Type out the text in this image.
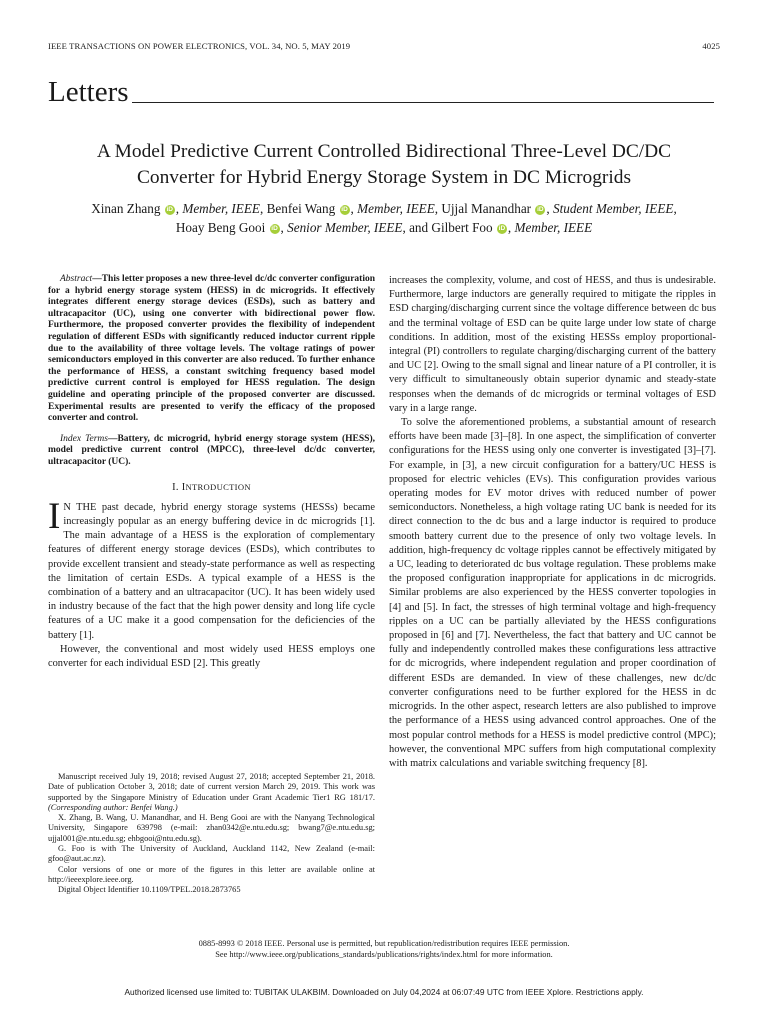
IEEE TRANSACTIONS ON POWER ELECTRONICS, VOL. 34, NO. 5, MAY 2019	4025
Letters
A Model Predictive Current Controlled Bidirectional Three-Level DC/DC Converter for Hybrid Energy Storage System in DC Microgrids
Xinan Zhang iD , Member, IEEE, Benfei Wang iD , Member, IEEE, Ujjal Manandhar iD , Student Member, IEEE,
Hoay Beng Gooi iD , Senior Member, IEEE, and Gilbert Foo iD , Member, IEEE

Abstract—This letter proposes a new three-level dc/dc converter configuration for a hybrid energy storage system (HESS) in dc microgrids. It effectively integrates different energy storage devices (ESDs), such as battery and ultracapacitor (UC), using one converter with bidirectional power flow. Furthermore, the proposed converter provides the flexibility of independent regulation of different ESDs with significantly reduced inductor current ripple due to the availability of three voltage levels. The voltage ratings of power semiconductors employed in this converter are also reduced. To further enhance the performance of HESS, a constant switching frequency based model predictive current control is employed for HESS regulation. The design guideline and operating principle of the proposed converter are discussed. Experimental results are presented to verify the efficacy of the proposed converter and control.

Index Terms—Battery, dc microgrid, hybrid energy storage system (HESS), model predictive current control (MPCC), three-level dc/dc converter, ultracapacitor (UC).

I. INTRODUCTION

IN THE past decade, hybrid energy storage systems (HESSs) became increasingly popular as an energy buffering device in dc microgrids [1]. The main advantage of a HESS is the exploration of complementary features of different energy storage devices (ESDs), which contributes to provide excellent transient and steady-state performance as well as respecting the limitation of certain ESDs. A typical example of a HESS is the combination of a battery and an ultracapacitor (UC). It has been widely used in industry because of the fact that the high power density and long life cycle features of a UC make it a good compensation for the deficiencies of the battery [1].

However, the conventional and most widely used HESS employs one converter for each individual ESD [2]. This greatly

increases the complexity, volume, and cost of HESS, and thus is undesirable. Furthermore, large inductors are generally required to mitigate the ripples in ESD charging/discharging current since the voltage difference between dc bus and the terminal voltage of ESD can be quite large under low state of charge conditions. In addition, most of the existing HESSs employ proportional-integral (PI) controllers to regulate charging/discharging current of the battery and UC [2]. Owing to the small signal and linear nature of a PI controller, it is very difficult to simultaneously obtain superior dynamic and steady-state responses when the demands of dc microgrids or terminal voltages of ESD vary in a large range.

To solve the aforementioned problems, a substantial amount of research efforts have been made [3]–[8]. In one aspect, the simplification of converter configurations for the HESS using only one converter is investigated [3]–[7]. For example, in [3], a new circuit configuration for a battery/UC HESS is proposed for electric vehicles (EVs). This configuration provides various operating modes for EV motor drives with reduced number of power semiconductors. Nonetheless, a high voltage rating UC bank is needed for its direct connection to the dc bus and a large inductor is required to produce smooth battery current due to the presence of only two voltage levels. In addition, high-frequency dc voltage ripples cannot be effectively mitigated by a UC, leading to deteriorated dc bus voltage regulation. These problems make the proposed configuration inappropriate for applications in dc microgrids. Similar problems are also experienced by the HESS converter topologies in [4] and [5]. In fact, the stresses of high terminal voltage and high-frequency ripples on a UC can be partially alleviated by the HESS configurations proposed in [6] and [7]. Nevertheless, the fact that battery and UC cannot be fully and independently controlled makes these configurations less attractive for dc microgrids, where independent regulation and proper coordination of different ESDs are demanded. In view of these challenges, new dc/dc converter configurations need to be further explored for the HESS in dc microgrids. In the other aspect, research letters are also published to improve the performance of a HESS using advanced control approaches. One of the most popular control methods for a HESS is model predictive control (MPC); however, the conventional MPC suffers from high computational complexity with matrix calculations and variable switching frequency [8].

Manuscript received July 19, 2018; revised August 27, 2018; accepted September 21, 2018. Date of publication October 3, 2018; date of current version March 29, 2019. This work was supported by the Singapore Ministry of Education under Grant Academic Tier1 RG 181/17. (Corresponding author: Benfei Wang.)

X. Zhang, B. Wang, U. Manandhar, and H. Beng Gooi are with the Nanyang Technological University, Singapore 639798 (e-mail: zhan0342@e.ntu.edu.sg; bwang7@e.ntu.edu.sg; ujjal001@e.ntu.edu.sg; ehbgooi@ntu.edu.sg).

G. Foo is with The University of Auckland, Auckland 1142, New Zealand (e-mail: gfoo@aut.ac.nz).

Color versions of one or more of the figures in this letter are available online at http://ieeexplore.ieee.org.

Digital Object Identifier 10.1109/TPEL.2018.2873765

0885-8993 © 2018 IEEE. Personal use is permitted, but republication/redistribution requires IEEE permission.
See http://www.ieee.org/publications_standards/publications/rights/index.html for more information.
Authorized licensed use limited to: TUBITAK ULAKBIM. Downloaded on July 04,2024 at 06:07:49 UTC from IEEE Xplore. Restrictions apply.
